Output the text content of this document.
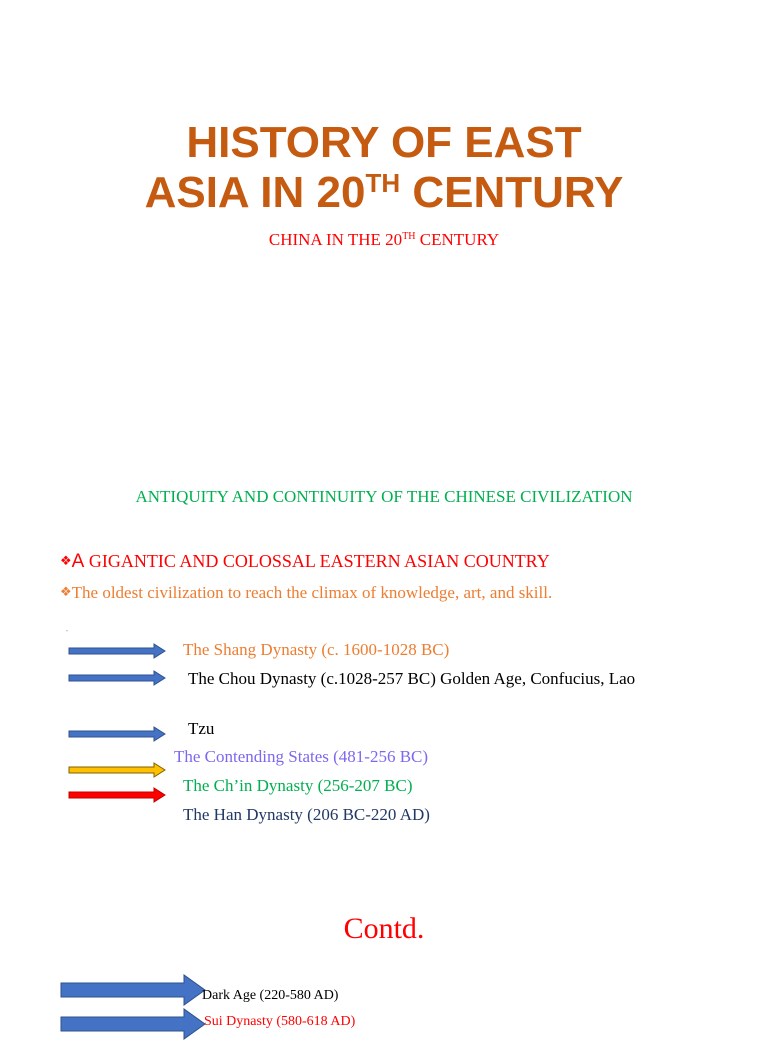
HISTORY OF EAST
ASIA IN 20TH CENTURY
CHINA IN THE 20TH CENTURY
ANTIQUITY AND CONTINUITY OF THE CHINESE CIVILIZATION
❖A GIGANTIC AND COLOSSAL EASTERN ASIAN COUNTRY
❖The oldest civilization to reach the climax of knowledge, art, and skill.
"
The Shang Dynasty (c. 1600-1028 BC)
The Chou Dynasty (c.1028-257 BC) Golden Age, Confucius, Lao
Tzu
The Contending States (481-256 BC)
The Ch’in Dynasty (256-207 BC)
The Han Dynasty (206 BC-220 AD)
Contd.
Dark Age (220-580 AD)
Sui Dynasty (580-618 AD)
